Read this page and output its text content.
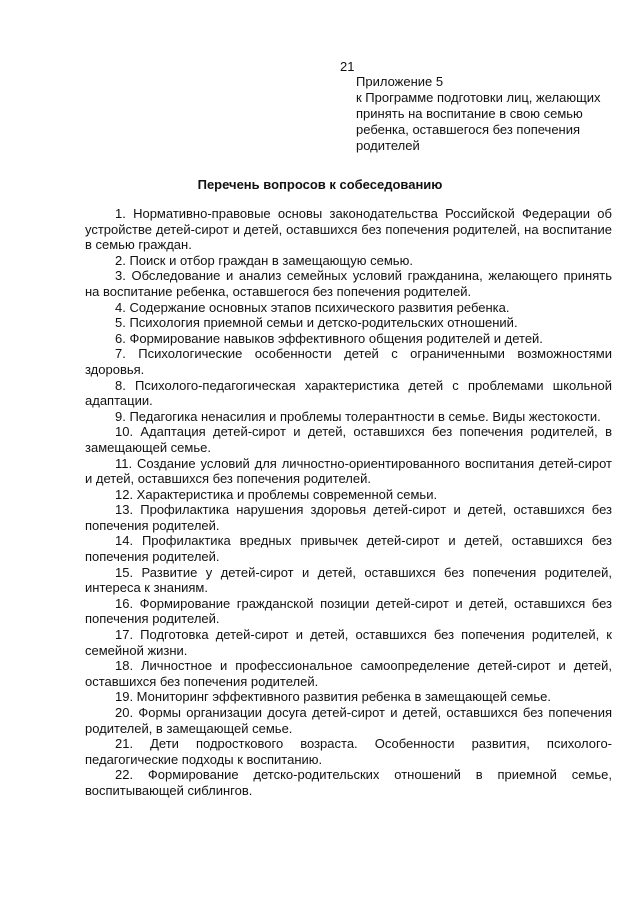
21
Приложение 5
к Программе подготовки лиц, желающих
принять на воспитание в свою семью
ребенка, оставшегося без попечения
родителей
Перечень вопросов к собеседованию
1. Нормативно-правовые основы законодательства Российской Федерации об устройстве детей-сирот и детей, оставшихся без попечения родителей, на воспитание в семью граждан.
2. Поиск и отбор граждан в замещающую семью.
3. Обследование и анализ семейных условий гражданина, желающего принять на воспитание ребенка, оставшегося без попечения родителей.
4. Содержание основных этапов психического развития ребенка.
5. Психология приемной семьи и детско-родительских отношений.
6. Формирование навыков эффективного общения родителей и детей.
7. Психологические особенности детей с ограниченными возможностями здоровья.
8. Психолого-педагогическая характеристика детей с проблемами школьной адаптации.
9. Педагогика ненасилия и проблемы толерантности в семье. Виды жестокости.
10. Адаптация детей-сирот и детей, оставшихся без попечения родителей, в замещающей семье.
11. Создание условий для личностно-ориентированного воспитания детей-сирот и детей, оставшихся без попечения родителей.
12. Характеристика и проблемы современной семьи.
13. Профилактика нарушения здоровья детей-сирот и детей, оставшихся без попечения родителей.
14. Профилактика вредных привычек детей-сирот и детей, оставшихся без попечения родителей.
15. Развитие у детей-сирот и детей, оставшихся без попечения родителей, интереса к знаниям.
16. Формирование гражданской позиции детей-сирот и детей, оставшихся без попечения родителей.
17. Подготовка детей-сирот и детей, оставшихся без попечения родителей, к семейной жизни.
18. Личностное и профессиональное самоопределение детей-сирот и детей, оставшихся без попечения родителей.
19. Мониторинг эффективного развития ребенка в замещающей семье.
20. Формы организации досуга детей-сирот и детей, оставшихся без попечения родителей, в замещающей семье.
21. Дети подросткового возраста. Особенности развития, психолого-педагогические подходы к воспитанию.
22. Формирование детско-родительских отношений в приемной семье, воспитывающей сиблингов.
